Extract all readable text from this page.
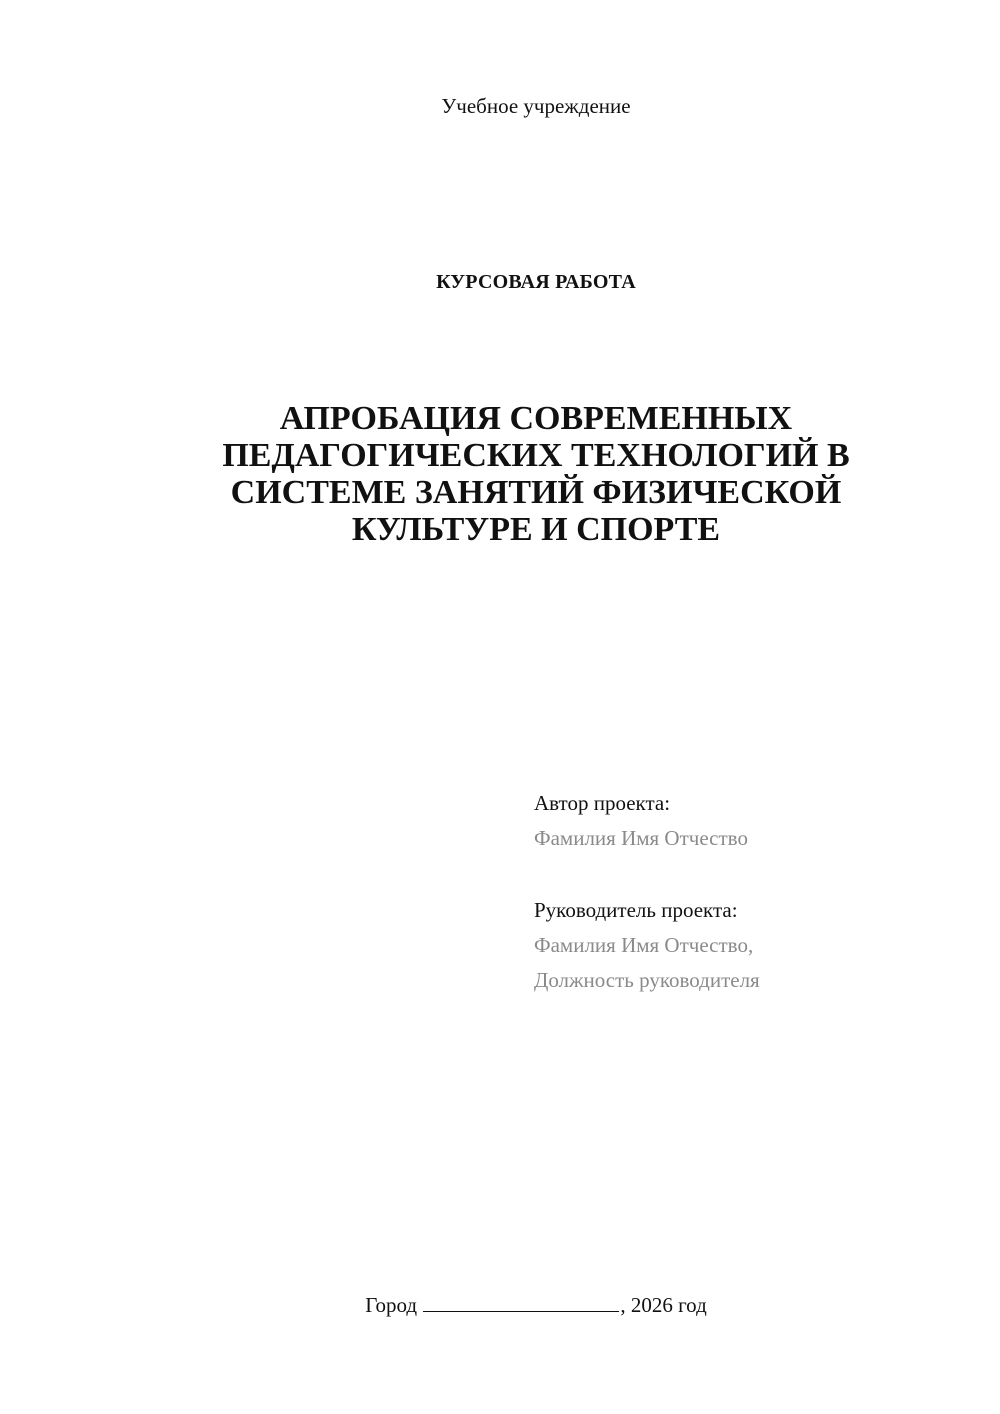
Учебное учреждение
КУРСОВАЯ РАБОТА
АПРОБАЦИЯ СОВРЕМЕННЫХ
ПЕДАГОГИЧЕСКИХ ТЕХНОЛОГИЙ В
СИСТЕМЕ ЗАНЯТИЙ ФИЗИЧЕСКОЙ
КУЛЬТУРЕ И СПОРТЕ
Автор проекта:
Фамилия Имя Отчество
Руководитель проекта:
Фамилия Имя Отчество,
Должность руководителя
Город	, 2026 год
